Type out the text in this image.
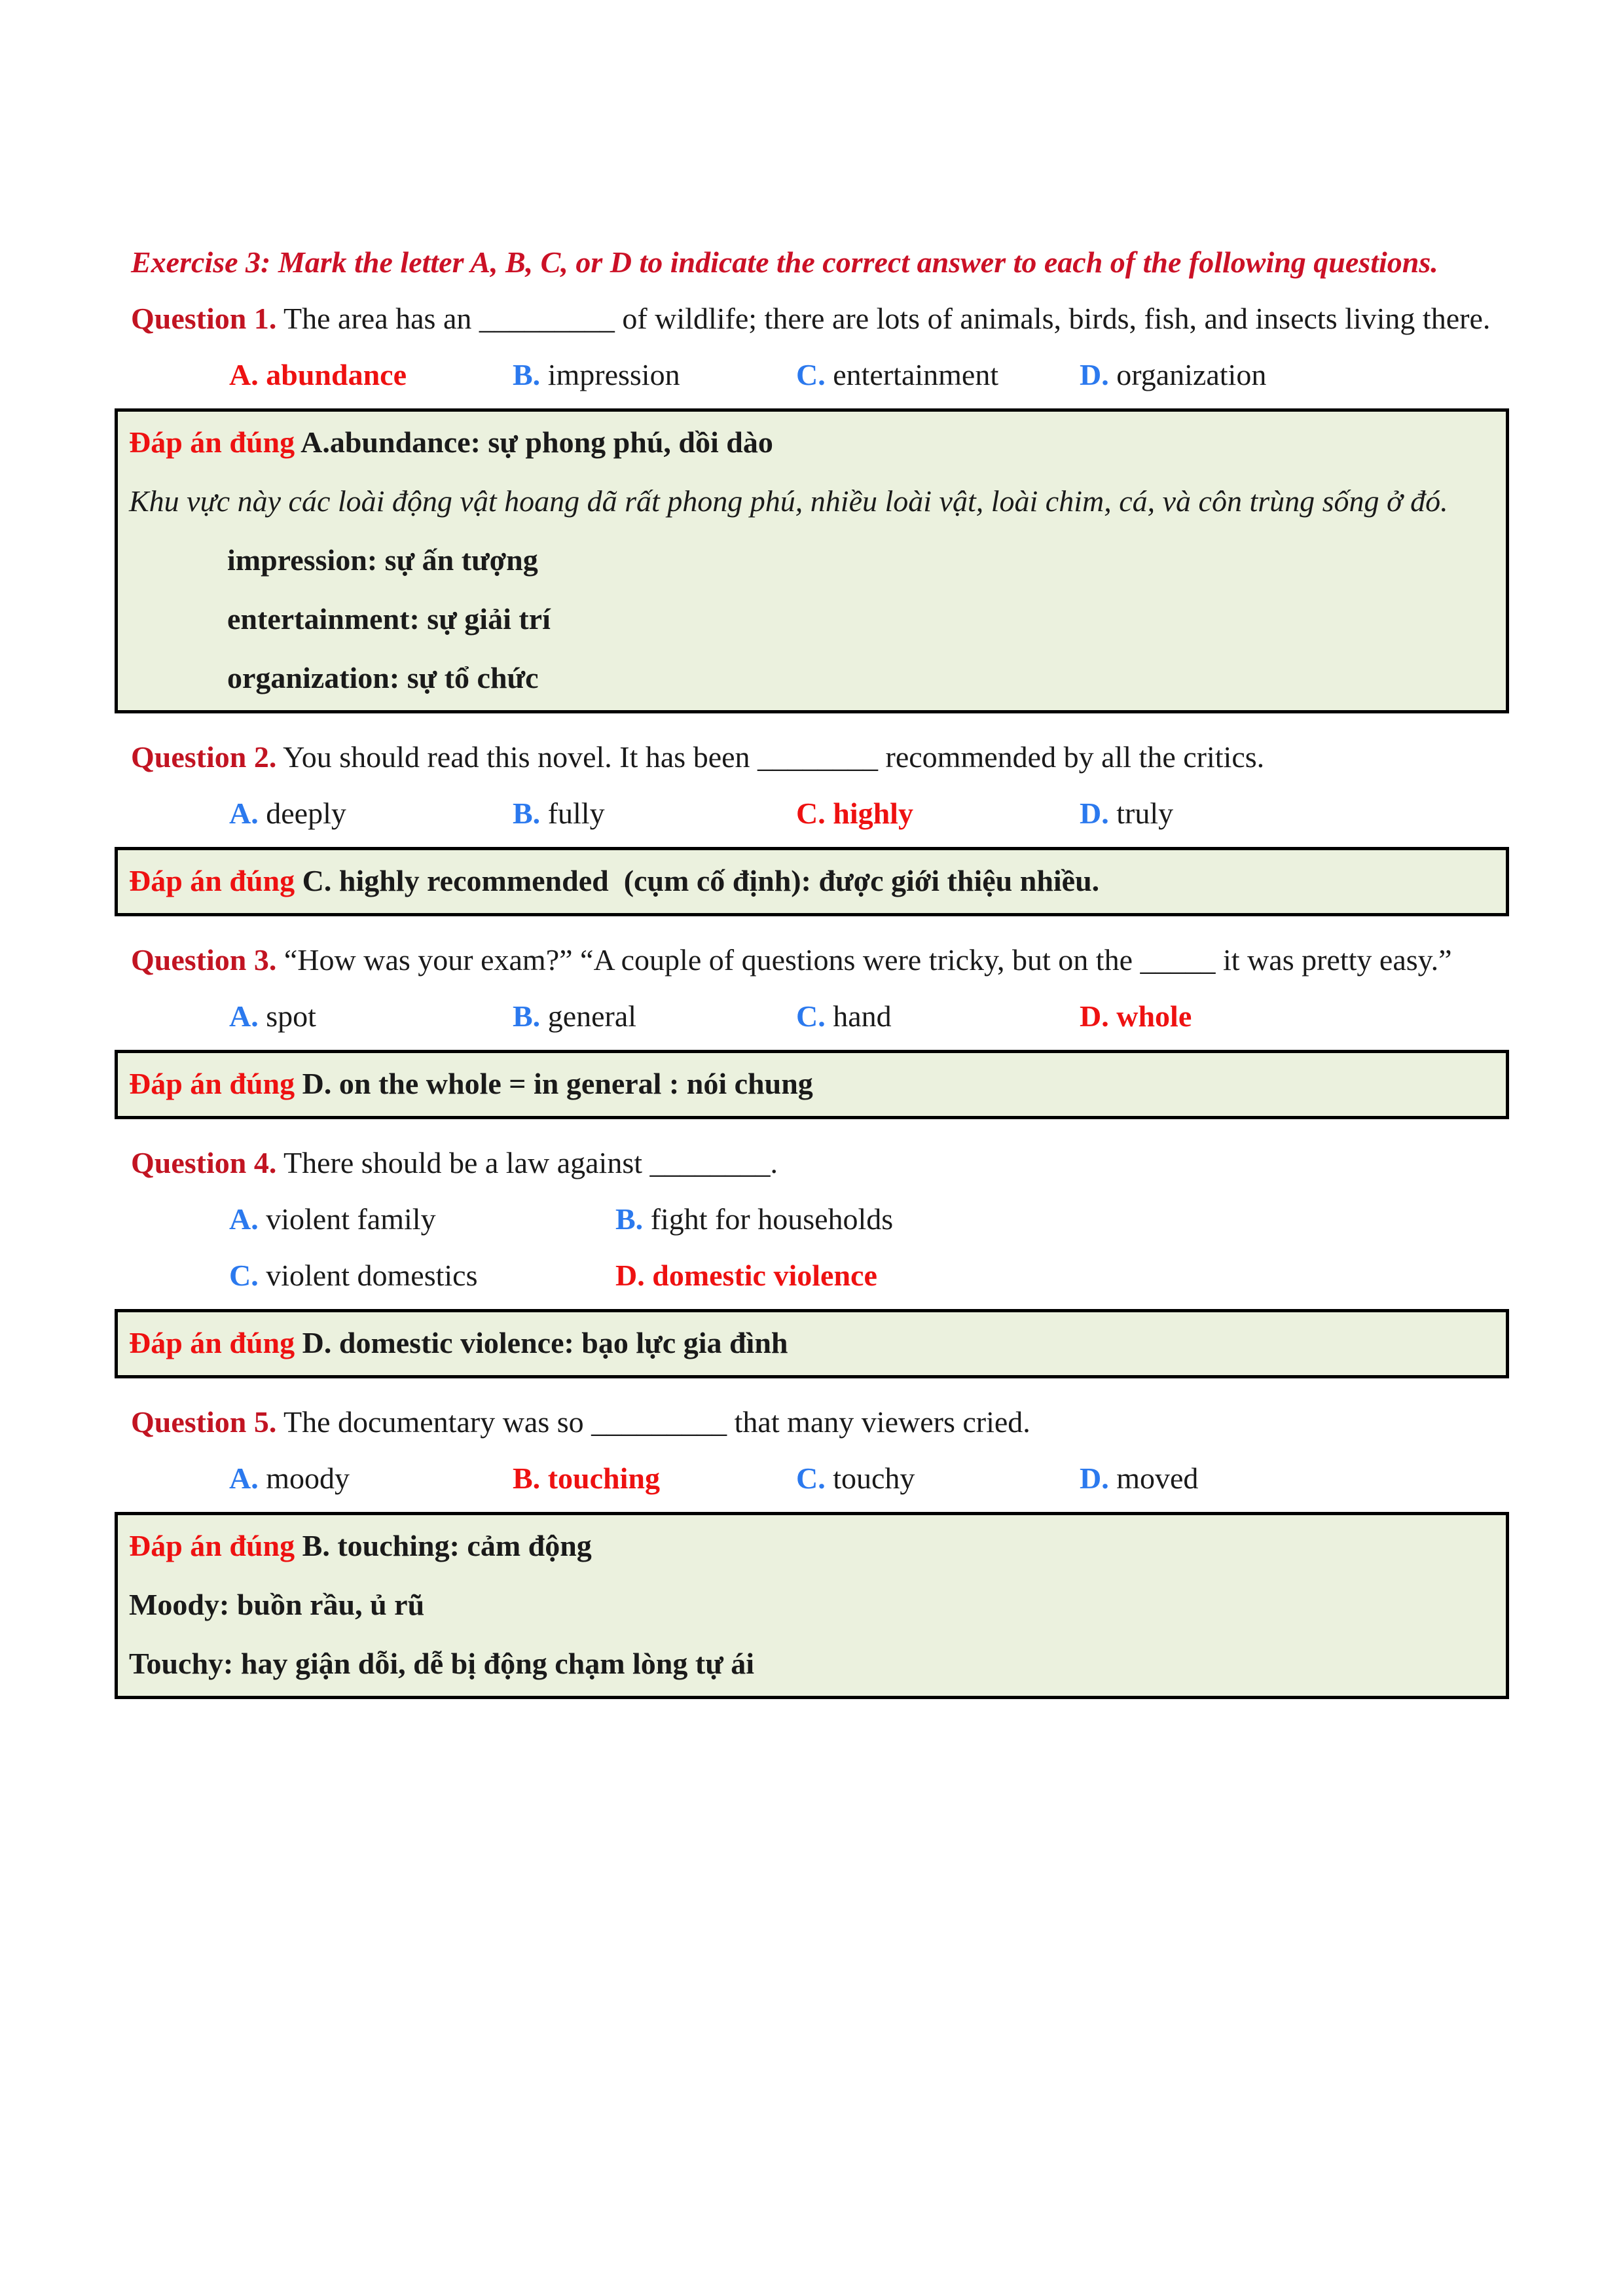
Exercise 3: Mark the letter A, B, C, or D to indicate the correct answer to each of the following questions.

Question 1. The area has an _________ of wildlife; there are lots of animals, birds, fish, and insects living there.

A. abundance	B. impression	C. entertainment	D. organization

Đáp án đúng A.abundance: sự phong phú, dồi dào

Khu vực này các loài động vật hoang dã rất phong phú, nhiều loài vật, loài chim, cá, và côn trùng sống ở đó.

impression: sự ấn tượng

entertainment: sự giải trí

organization: sự tổ chức

Question 2. You should read this novel. It has been ________ recommended by all the critics.

A. deeply	B. fully	C. highly	D. truly

Đáp án đúng C. highly recommended  (cụm cố định): được giới thiệu nhiều.

Question 3. “How was your exam?” “A couple of questions were tricky, but on the _____ it was pretty easy.”

A. spot	B. general	C. hand	D. whole

Đáp án đúng D. on the whole = in general : nói chung

Question 4. There should be a law against ________.

A. violent family	B. fight for households
C. violent domestics	D. domestic violence

Đáp án đúng D. domestic violence: bạo lực gia đình

Question 5. The documentary was so _________ that many viewers cried.

A. moody	B. touching	C. touchy	D. moved

Đáp án đúng B. touching: cảm động

Moody: buồn rầu, ủ rũ

Touchy: hay giận dỗi, dễ bị động chạm lòng tự ái
